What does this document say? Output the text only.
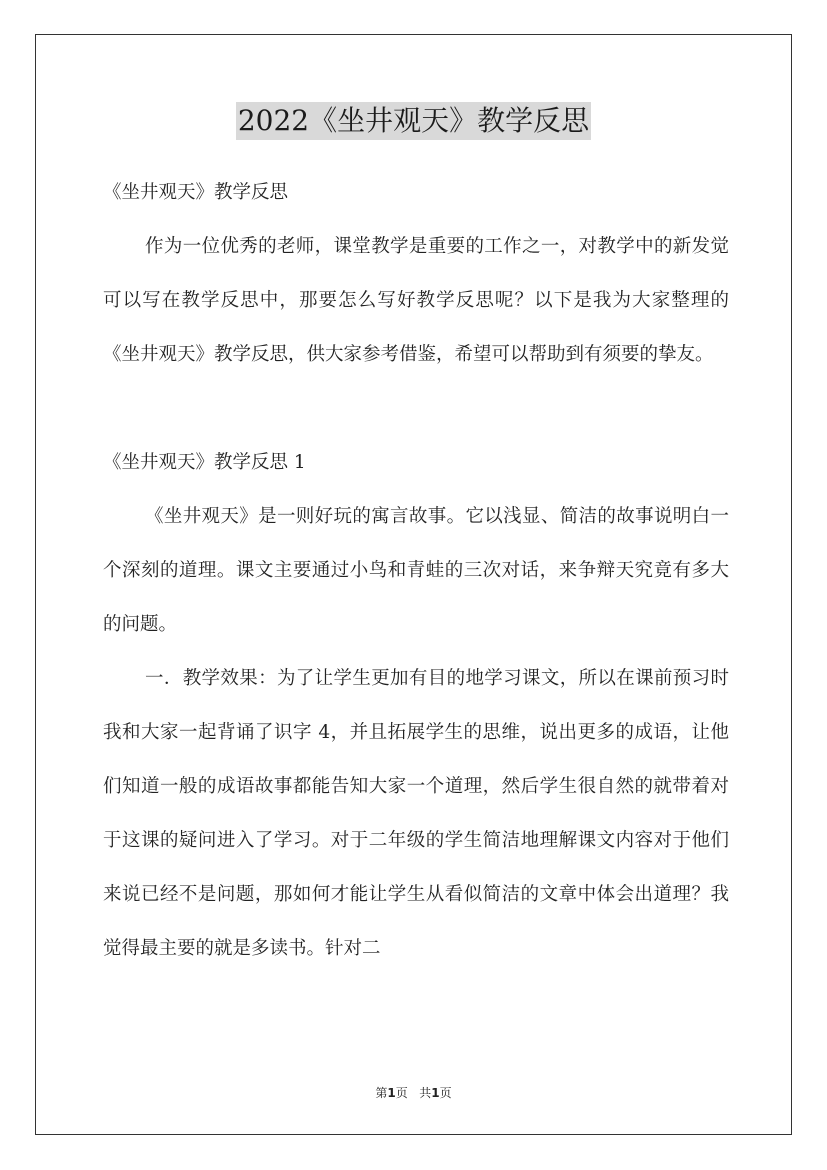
2022《坐井观天》教学反思

《坐井观天》教学反思

作为一位优秀的老师，课堂教学是重要的工作之一，对教学中的新发觉可以写在教学反思中，那要怎么写好教学反思呢？以下是我为大家整理的《坐井观天》教学反思，供大家参考借鉴，希望可以帮助到有须要的挚友。

《坐井观天》教学反思 1

《坐井观天》是一则好玩的寓言故事。它以浅显、简洁的故事说明白一个深刻的道理。课文主要通过小鸟和青蛙的三次对话，来争辩天究竟有多大的问题。

一．教学效果：为了让学生更加有目的地学习课文，所以在课前预习时我和大家一起背诵了识字 4，并且拓展学生的思维，说出更多的成语，让他们知道一般的成语故事都能告知大家一个道理，然后学生很自然的就带着对于这课的疑问进入了学习。对于二年级的学生简洁地理解课文内容对于他们来说已经不是问题，那如何才能让学生从看似简洁的文章中体会出道理？我觉得最主要的就是多读书。针对二

第1页 共1页
